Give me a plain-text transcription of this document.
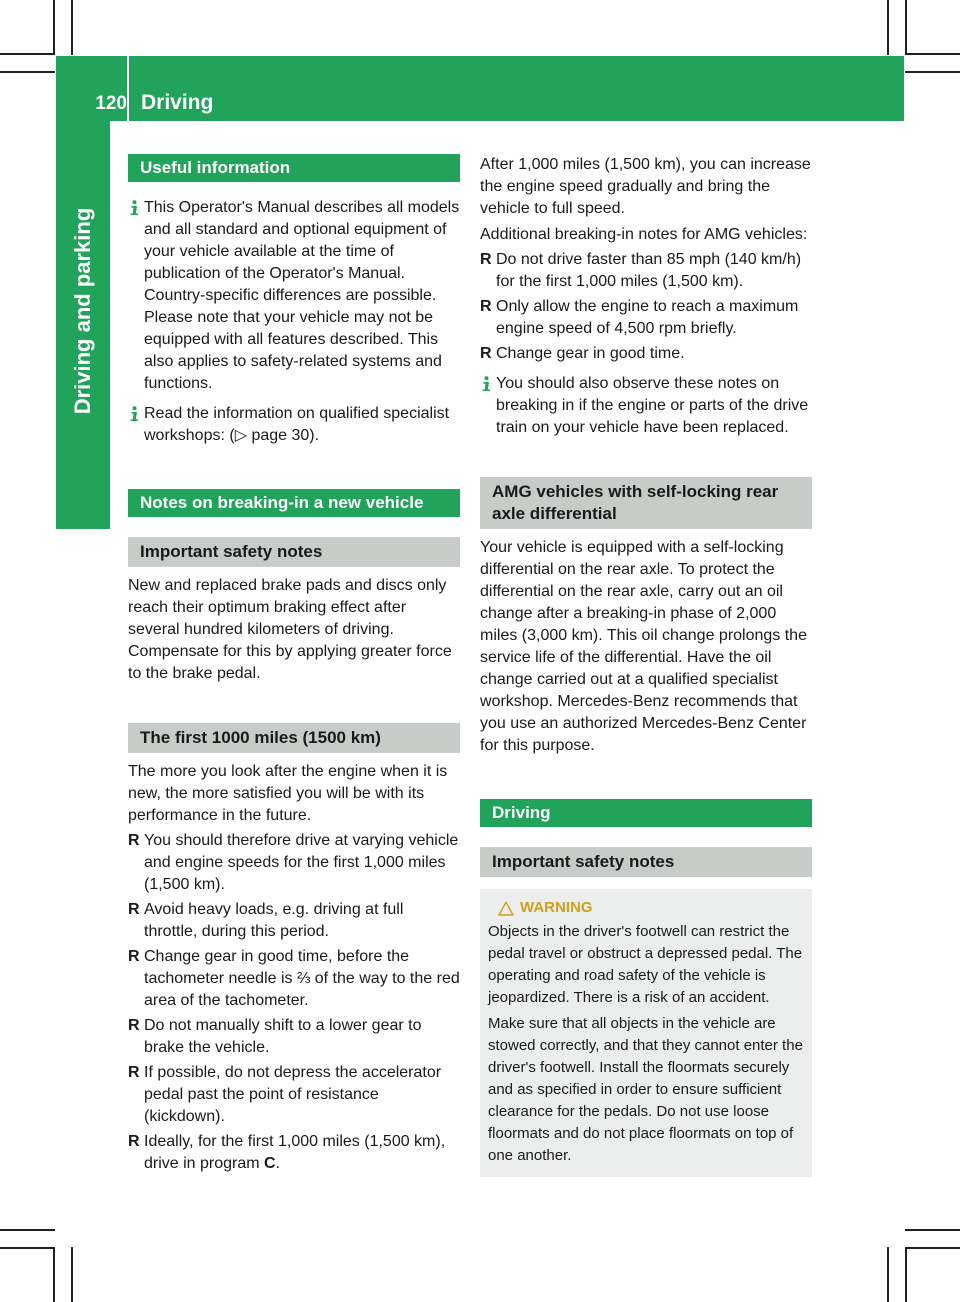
120 Driving
Driving and parking
Useful information

This Operator's Manual describes all models and all standard and optional equipment of your vehicle available at the time of publication of the Operator's Manual. Country-specific differences are possible. Please note that your vehicle may not be equipped with all features described. This also applies to safety-related systems and functions.

Read the information on qualified specialist workshops: (▷ page 30).

Notes on breaking-in a new vehicle
Important safety notes

New and replaced brake pads and discs only reach their optimum braking effect after several hundred kilometers of driving. Compensate for this by applying greater force to the brake pedal.

The first 1000 miles (1500 km)

The more you look after the engine when it is new, the more satisfied you will be with its performance in the future.

R You should therefore drive at varying vehicle and engine speeds for the first 1,000 miles (1,500 km).

R Avoid heavy loads, e.g. driving at full throttle, during this period.

R Change gear in good time, before the tachometer needle is ⅔ of the way to the red area of the tachometer.

R Do not manually shift to a lower gear to brake the vehicle.

R If possible, do not depress the accelerator pedal past the point of resistance (kickdown).

R Ideally, for the first 1,000 miles (1,500 km), drive in program C.

After 1,000 miles (1,500 km), you can increase the engine speed gradually and bring the vehicle to full speed.

Additional breaking-in notes for AMG vehicles:

R Do not drive faster than 85 mph (140 km/h) for the first 1,000 miles (1,500 km).

R Only allow the engine to reach a maximum engine speed of 4,500 rpm briefly.

R Change gear in good time.

You should also observe these notes on breaking in if the engine or parts of the drive train on your vehicle have been replaced.

AMG vehicles with self-locking rear axle differential

Your vehicle is equipped with a self-locking differential on the rear axle. To protect the differential on the rear axle, carry out an oil change after a breaking-in phase of 2,000 miles (3,000 km). This oil change prolongs the service life of the differential. Have the oil change carried out at a qualified specialist workshop. Mercedes-Benz recommends that you use an authorized Mercedes-Benz Center for this purpose.

Driving
Important safety notes
WARNING

Objects in the driver's footwell can restrict the pedal travel or obstruct a depressed pedal. The operating and road safety of the vehicle is jeopardized. There is a risk of an accident.

Make sure that all objects in the vehicle are stowed correctly, and that they cannot enter the driver's footwell. Install the floormats securely and as specified in order to ensure sufficient clearance for the pedals. Do not use loose floormats and do not place floormats on top of one another.
